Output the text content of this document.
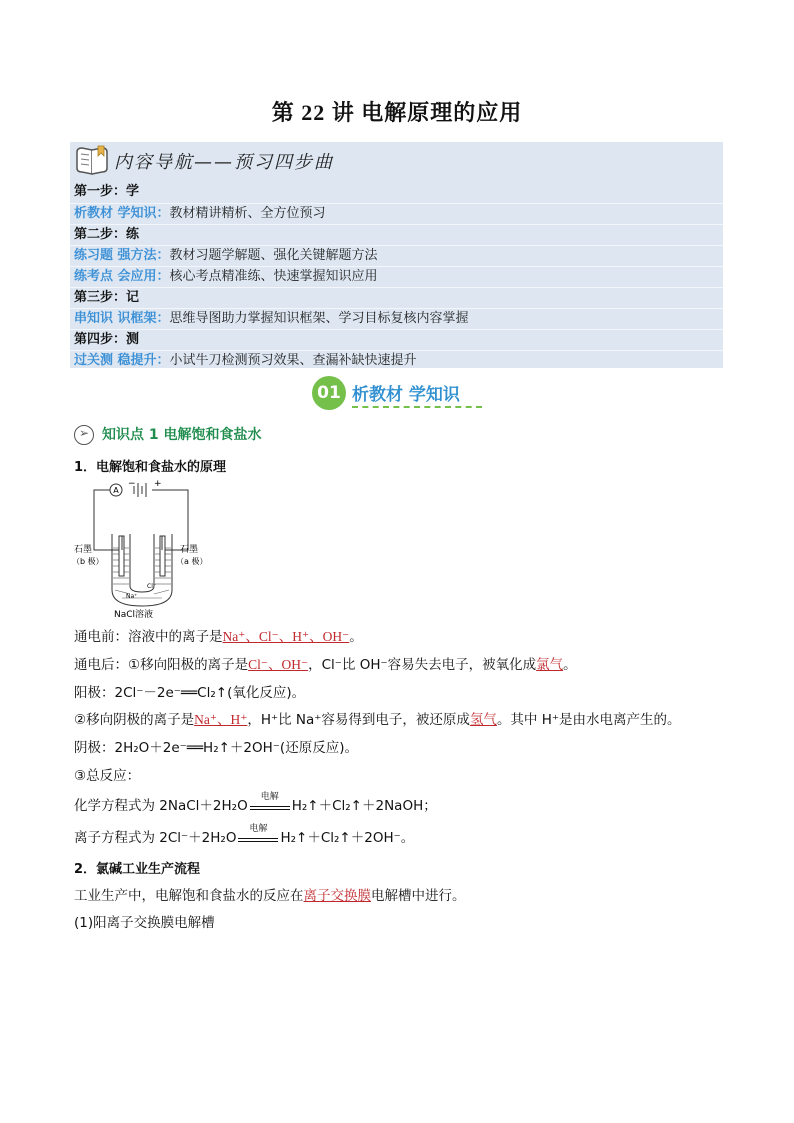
第 22 讲 电解原理的应用
内容导航——预习四步曲
第一步：学
析教材 学知识：教材精讲精析、全方位预习
第二步：练
练习题 强方法：教材习题学解题、强化关键解题方法
练考点 会应用：核心考点精准练、快速掌握知识应用
第三步：记
串知识 识框架：思维导图助力掌握知识框架、学习目标复核内容掌握
第四步：测
过关测 稳提升：小试牛刀检测预习效果、查漏补缺快速提升
01 析教材 学知识
➢ 知识点 1 电解饱和食盐水
1．电解饱和食盐水的原理
A
− +
石墨
（b 极）
石墨
（a 极）
Na⁺
Cl⁻
NaCl溶液
通电前：溶液中的离子是Na⁺、Cl⁻、H⁺、OH⁻。
通电后：①移向阳极的离子是Cl⁻、OH⁻，Cl⁻比 OH⁻容易失去电子，被氧化成氯气。
阳极：2Cl⁻－2e⁻══Cl₂↑(氧化反应)。
②移向阴极的离子是Na⁺、H⁺，H⁺比 Na⁺容易得到电子，被还原成氢气。其中 H⁺是由水电离产生的。
阴极：2H₂O＋2e⁻══H₂↑＋2OH⁻(还原反应)。
③总反应：
化学方程式为 2NaCl＋2H₂O
电解
H₂↑＋Cl₂↑＋2NaOH；
离子方程式为 2Cl⁻＋2H₂O
电解
H₂↑＋Cl₂↑＋2OH⁻。
2．氯碱工业生产流程
工业生产中，电解饱和食盐水的反应在离子交换膜电解槽中进行。
(1)阳离子交换膜电解槽
